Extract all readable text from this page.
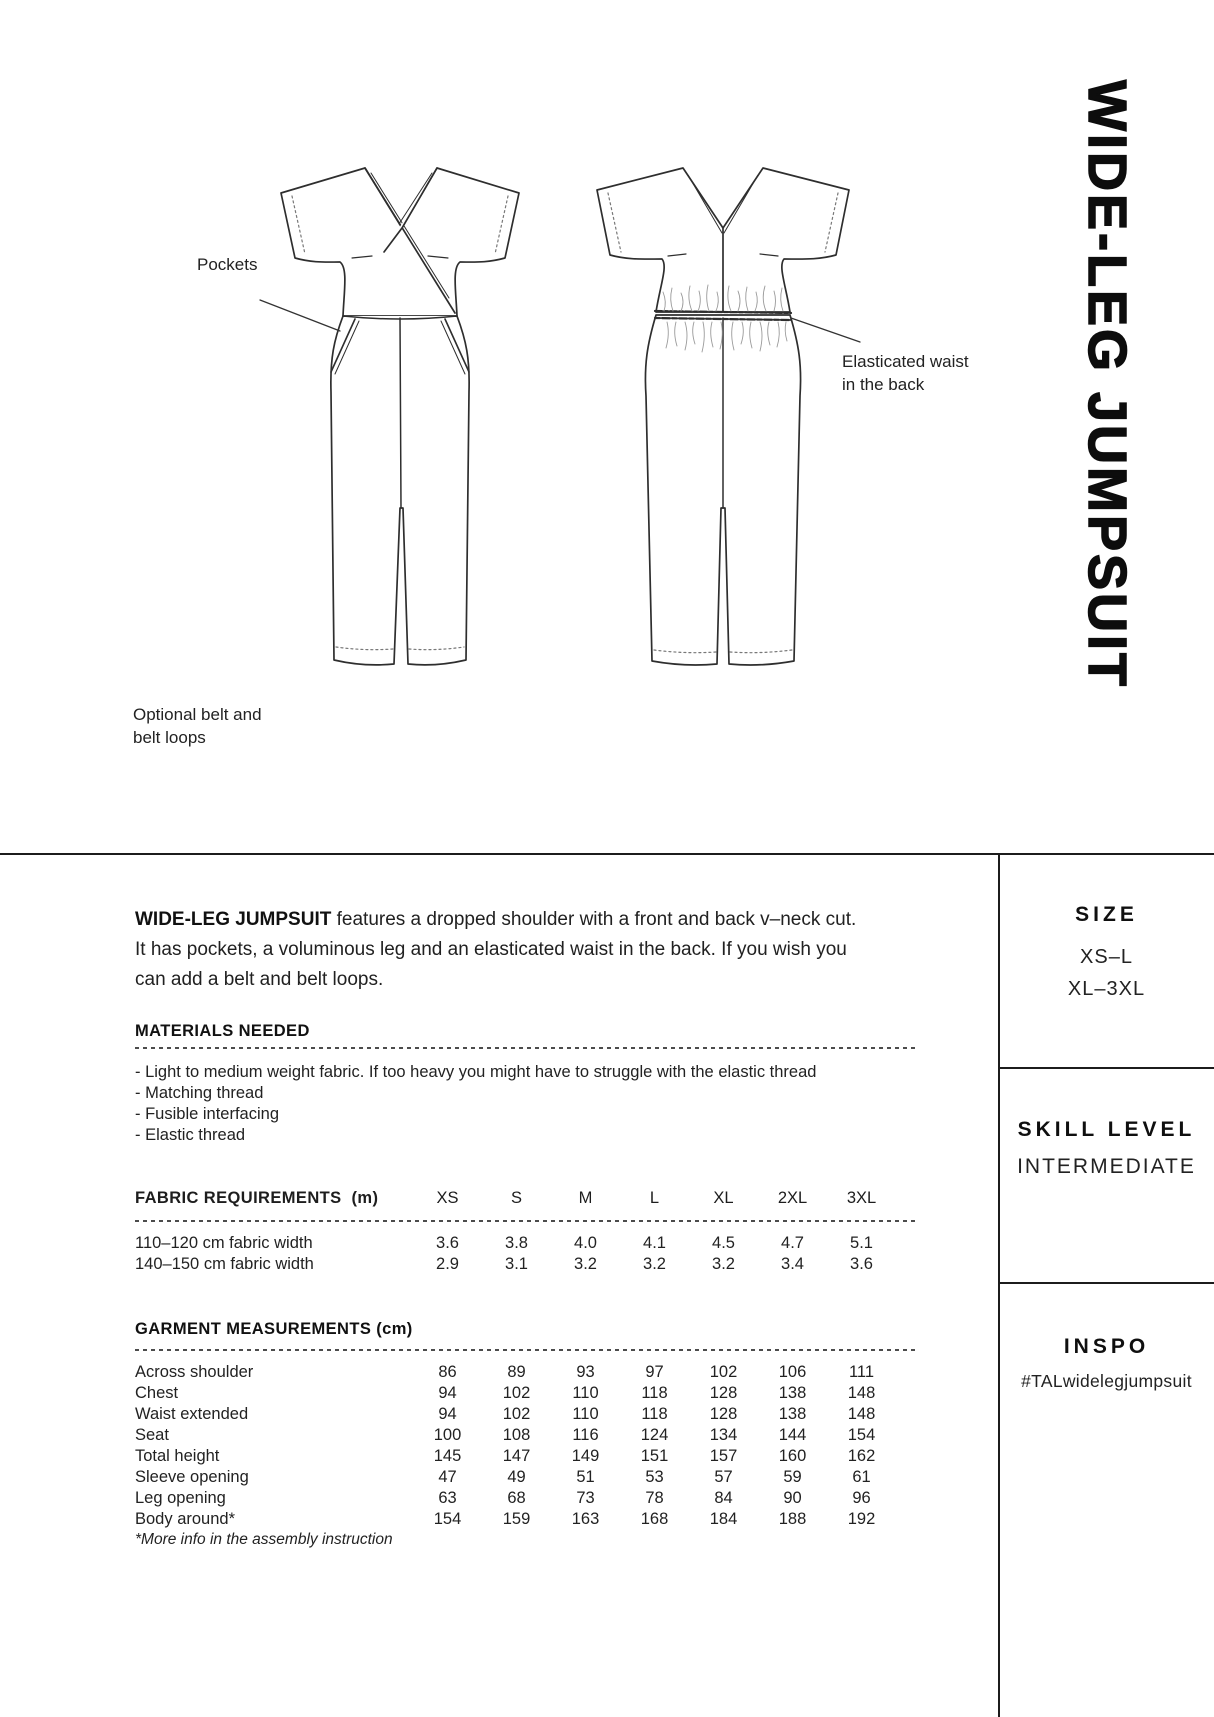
Pockets
Elasticated waist
in the back
Optional belt and
belt loops
WIDE-LEG JUMPSUIT
WIDE-LEG JUMPSUIT features a dropped shoulder with a front and back v–neck cut.
It has pockets, a voluminous leg and an elasticated waist in the back. If you wish you
can add a belt and belt loops.
MATERIALS NEEDED
- Light to medium weight fabric. If too heavy you might have to struggle with the elastic thread
- Matching thread
- Fusible interfacing
- Elastic thread
FABRIC REQUIREMENTS  (m)	XS	S	M	L	XL	2XL	3XL
110–120 cm fabric width	3.6	3.8	4.0	4.1	4.5	4.7	5.1
140–150 cm fabric width	2.9	3.1	3.2	3.2	3.2	3.4	3.6
GARMENT MEASUREMENTS (cm)
Across shoulder	86	89	93	97	102	106	111
Chest	94	102	110	118	128	138	148
Waist extended	94	102	110	118	128	138	148
Seat	100	108	116	124	134	144	154
Total height	145	147	149	151	157	160	162
Sleeve opening	47	49	51	53	57	59	61
Leg opening	63	68	73	78	84	90	96
Body around*	154	159	163	168	184	188	192
*More info in the assembly instruction
SIZE
XS–L
XL–3XL
SKILL LEVEL
INTERMEDIATE
INSPO
#TALwidelegjumpsuit
